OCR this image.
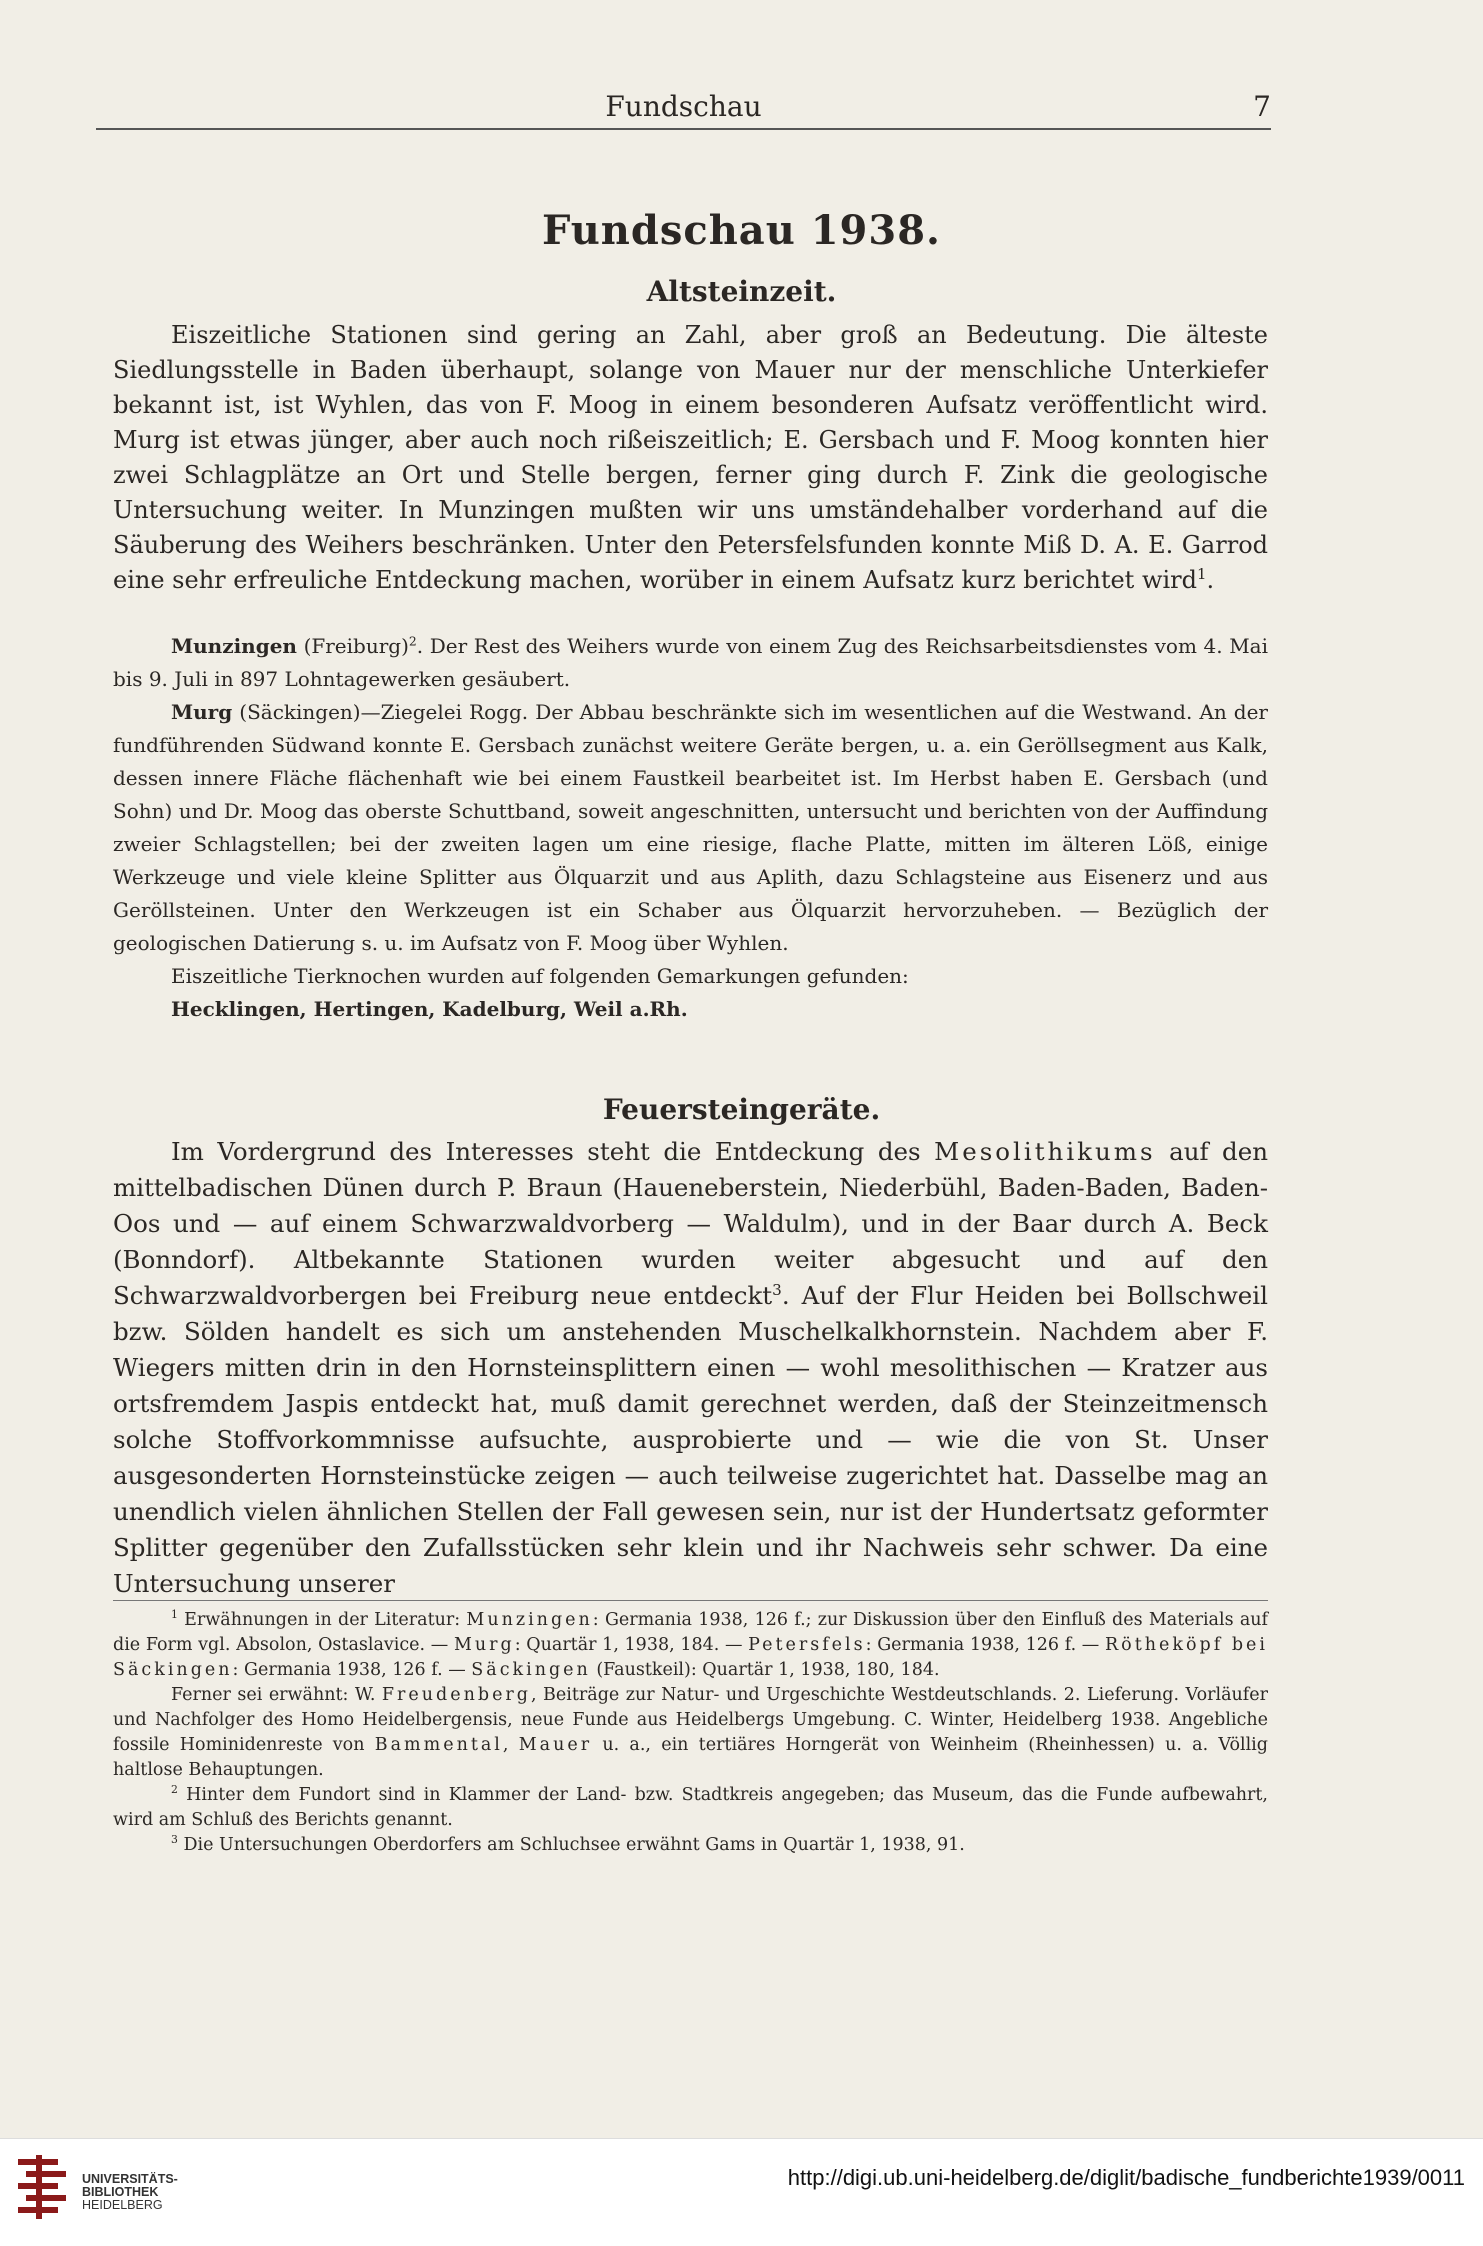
Fundschau	7
Fundschau 1938.
Altsteinzeit.

Eiszeitliche Stationen sind gering an Zahl, aber groß an Bedeutung. Die älteste Siedlungsstelle in Baden überhaupt, solange von Mauer nur der menschliche Unterkiefer bekannt ist, ist Wyhlen, das von F. Moog in einem besonderen Aufsatz veröffentlicht wird. Murg ist etwas jünger, aber auch noch rißeiszeitlich; E. Gersbach und F. Moog konnten hier zwei Schlagplätze an Ort und Stelle bergen, ferner ging durch F. Zink die geologische Untersuchung weiter. In Munzingen mußten wir uns umständehalber vorderhand auf die Säuberung des Weihers beschränken. Unter den Petersfelsfunden konnte Miß D. A. E. Garrod eine sehr erfreuliche Entdeckung machen, worüber in einem Aufsatz kurz berichtet wird$^1$.

Munzingen (Freiburg)$^2$. Der Rest des Weihers wurde von einem Zug des Reichsarbeitsdienstes vom 4. Mai bis 9. Juli in 897 Lohntagewerken gesäubert.

Murg (Säckingen)—Ziegelei Rogg. Der Abbau beschränkte sich im wesentlichen auf die Westwand. An der fundführenden Südwand konnte E. Gersbach zunächst weitere Geräte bergen, u. a. ein Geröllsegment aus Kalk, dessen innere Fläche flächenhaft wie bei einem Faustkeil bearbeitet ist. Im Herbst haben E. Gersbach (und Sohn) und Dr. Moog das oberste Schuttband, soweit angeschnitten, untersucht und berichten von der Auffindung zweier Schlagstellen; bei der zweiten lagen um eine riesige, flache Platte, mitten im älteren Löß, einige Werkzeuge und viele kleine Splitter aus Ölquarzit und aus Aplith, dazu Schlagsteine aus Eisenerz und aus Geröllsteinen. Unter den Werkzeugen ist ein Schaber aus Ölquarzit hervorzuheben. — Bezüglich der geologischen Datierung s. u. im Aufsatz von F. Moog über Wyhlen.

Eiszeitliche Tierknochen wurden auf folgenden Gemarkungen gefunden:

Hecklingen, Hertingen, Kadelburg, Weil a.Rh.

Feuersteingeräte.

Im Vordergrund des Interesses steht die Entdeckung des Mesolithikums auf den mittelbadischen Dünen durch P. Braun (Haueneberstein, Niederbühl, Baden-Baden, Baden-Oos und — auf einem Schwarzwaldvorberg — Waldulm), und in der Baar durch A. Beck (Bonndorf). Altbekannte Stationen wurden weiter abgesucht und auf den Schwarzwaldvorbergen bei Freiburg neue entdeckt$^3$. Auf der Flur Heiden bei Bollschweil bzw. Sölden handelt es sich um anstehenden Muschelkalkhornstein. Nachdem aber F. Wiegers mitten drin in den Hornsteinsplittern einen — wohl mesolithischen — Kratzer aus ortsfremdem Jaspis entdeckt hat, muß damit gerechnet werden, daß der Steinzeitmensch solche Stoffvorkommnisse aufsuchte, ausprobierte und — wie die von St. Unser ausgesonderten Hornsteinstücke zeigen — auch teilweise zugerichtet hat. Dasselbe mag an unendlich vielen ähnlichen Stellen der Fall gewesen sein, nur ist der Hundertsatz geformter Splitter gegenüber den Zufallsstücken sehr klein und ihr Nachweis sehr schwer. Da eine Untersuchung unserer

$^1$ Erwähnungen in der Literatur: Munzingen: Germania 1938, 126 f.; zur Diskussion über den Einfluß des Materials auf die Form vgl. Absolon, Ostaslavice. — Murg: Quartär 1, 1938, 184. — Petersfels: Germania 1938, 126 f. — Rötheköpf bei Säckingen: Germania 1938, 126 f. — Säckingen (Faustkeil): Quartär 1, 1938, 180, 184.

Ferner sei erwähnt: W. Freudenberg, Beiträge zur Natur- und Urgeschichte Westdeutschlands. 2. Lieferung. Vorläufer und Nachfolger des Homo Heidelbergensis, neue Funde aus Heidelbergs Umgebung. C. Winter, Heidelberg 1938. Angebliche fossile Hominidenreste von Bammental, Mauer u. a., ein tertiäres Horngerät von Weinheim (Rheinhessen) u. a. Völlig haltlose Behauptungen.

$^2$ Hinter dem Fundort sind in Klammer der Land- bzw. Stadtkreis angegeben; das Museum, das die Funde aufbewahrt, wird am Schluß des Berichts genannt.

$^3$ Die Untersuchungen Oberdorfers am Schluchsee erwähnt Gams in Quartär 1, 1938, 91.

UNIVERSITÄTS-
BIBLIOTHEK
HEIDELBERG
http://digi.ub.uni-heidelberg.de/diglit/badische_fundberichte1939/0011
